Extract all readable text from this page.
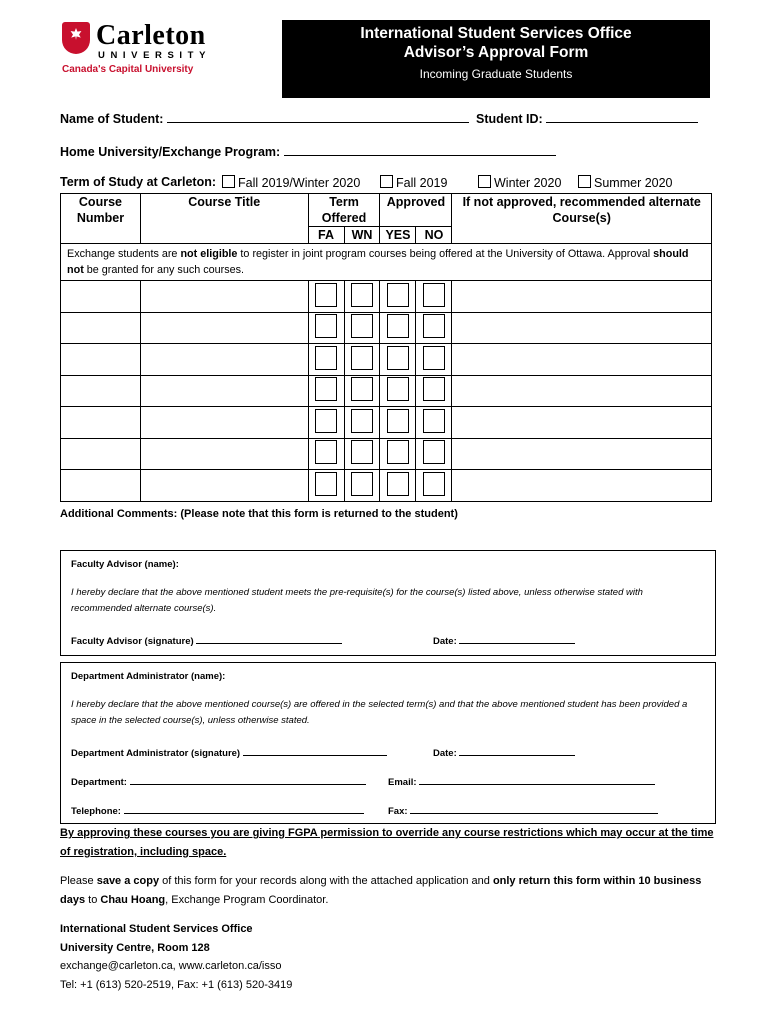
Carleton
UNIVERSITY
Canada's Capital University
International Student Services Office
Advisor’s Approval Form
Incoming Graduate Students
Name of Student:	Student ID:
Home University/Exchange Program:
Term of Study at Carleton:	Fall 2019/Winter 2020	Fall 2019	Winter 2020	Summer 2020
Course Number	Course Title	Term Offered		Approved		If not approved, recommended alternate Course(s)
		FA	WN	YES	NO	
Exchange students are not eligible to register in joint program courses being offered at the University of Ottawa. Approval should not be granted for any such courses.						

Additional Comments: (Please note that this form is returned to the student)
Faculty Advisor (name):
I hereby declare that the above mentioned student meets the pre-requisite(s) for the course(s) listed above, unless otherwise stated with recommended alternate course(s).
Faculty Advisor (signature)	Date:
Department Administrator (name):
I hereby declare that the above mentioned course(s) are offered in the selected term(s) and that the above mentioned student has been provided a space in the selected course(s), unless otherwise stated.
Department Administrator (signature)	Date:
Department:	Email:
Telephone:	Fax:
By approving these courses you are giving FGPA permission to override any course restrictions which may occur at the time of registration, including space.
Please save a copy of this form for your records along with the attached application and only return this form within 10 business days to Chau Hoang, Exchange Program Coordinator.
International Student Services Office
University Centre, Room 128
exchange@carleton.ca, www.carleton.ca/isso
Tel: +1 (613) 520-2519, Fax: +1 (613) 520-3419
